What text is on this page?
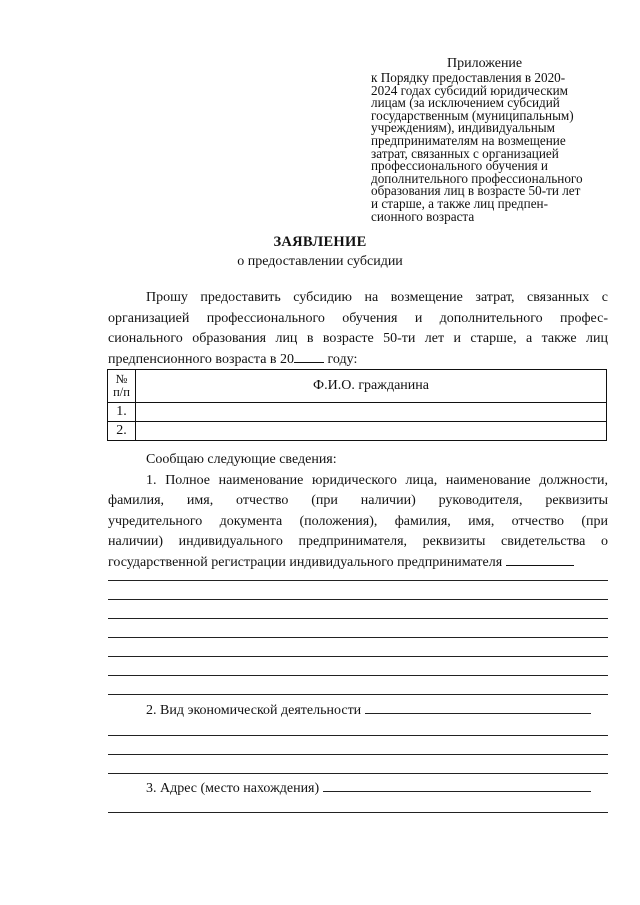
Приложение
к Порядку предоставления в 2020-
2024 годах субсидий юридическим
лицам (за исключением субсидий
государственным (муниципальным)
учреждениям), индивидуальным
предпринимателям на возмещение
затрат, связанных с организацией
профессионального обучения и
дополнительного профессионального
образования лиц в возрасте 50-ти лет
и старше, а также лиц предпен-
сионного возраста
ЗАЯВЛЕНИЕ
о предоставлении субсидии
Прошу предоставить субсидию на возмещение затрат, связанных с
организацией профессионального обучения и дополнительного профес-
сионального образования лиц в возрасте 50-ти лет и старше, а также лиц
предпенсионного возраста в 20 году:
№
п/п	Ф.И.О. гражданина
1.	
2.	
Сообщаю следующие сведения:
1. Полное наименование юридического лица, наименование должности,
фамилия, имя, отчество (при наличии) руководителя, реквизиты
учредительного документа (положения), фамилия, имя, отчество (при
наличии) индивидуального предпринимателя, реквизиты свидетельства о
государственной регистрации индивидуального предпринимателя
2. Вид экономической деятельности
3. Адрес (место нахождения)
